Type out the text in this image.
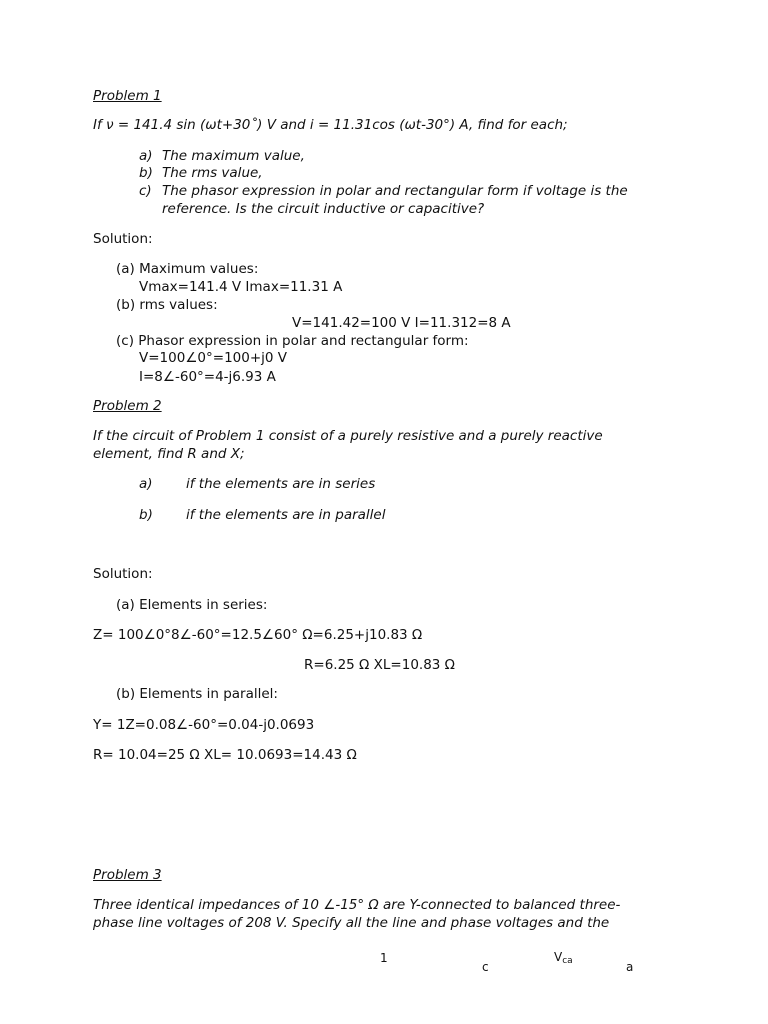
Problem 1
If ν = 141.4 sin (ωt+30˚) V and i = 11.31cos (ωt-30°) A, find for each;
a) The maximum value,
b) The rms value,
c) The phasor expression in polar and rectangular form if voltage is the
reference. Is the circuit inductive or capacitive?
Solution:
(a) Maximum values:
Vmax=141.4 V Imax=11.31 A
(b) rms values:
V=141.42=100 V I=11.312=8 A
(c) Phasor expression in polar and rectangular form:
V=100∠0°=100+j0 V
I=8∠-60°=4-j6.93 A
Problem 2
If the circuit of Problem 1 consist of a purely resistive and a purely reactive
element, find R and X;
a) if the elements are in series
b) if the elements are in parallel
Solution:
(a) Elements in series:
Z= 100∠0°8∠-60°=12.5∠60° Ω=6.25+j10.83 Ω
R=6.25 Ω XL=10.83 Ω
(b) Elements in parallel:
Y= 1Z=0.08∠-60°=0.04-j0.0693
R= 10.04=25 Ω XL= 10.0693=14.43 Ω
Problem 3
Three identical impedances of 10 ∠-15° Ω are Y-connected to balanced three-
phase line voltages of 208 V. Specify all the line and phase voltages and the
1
c
$V_{ca}$	a
